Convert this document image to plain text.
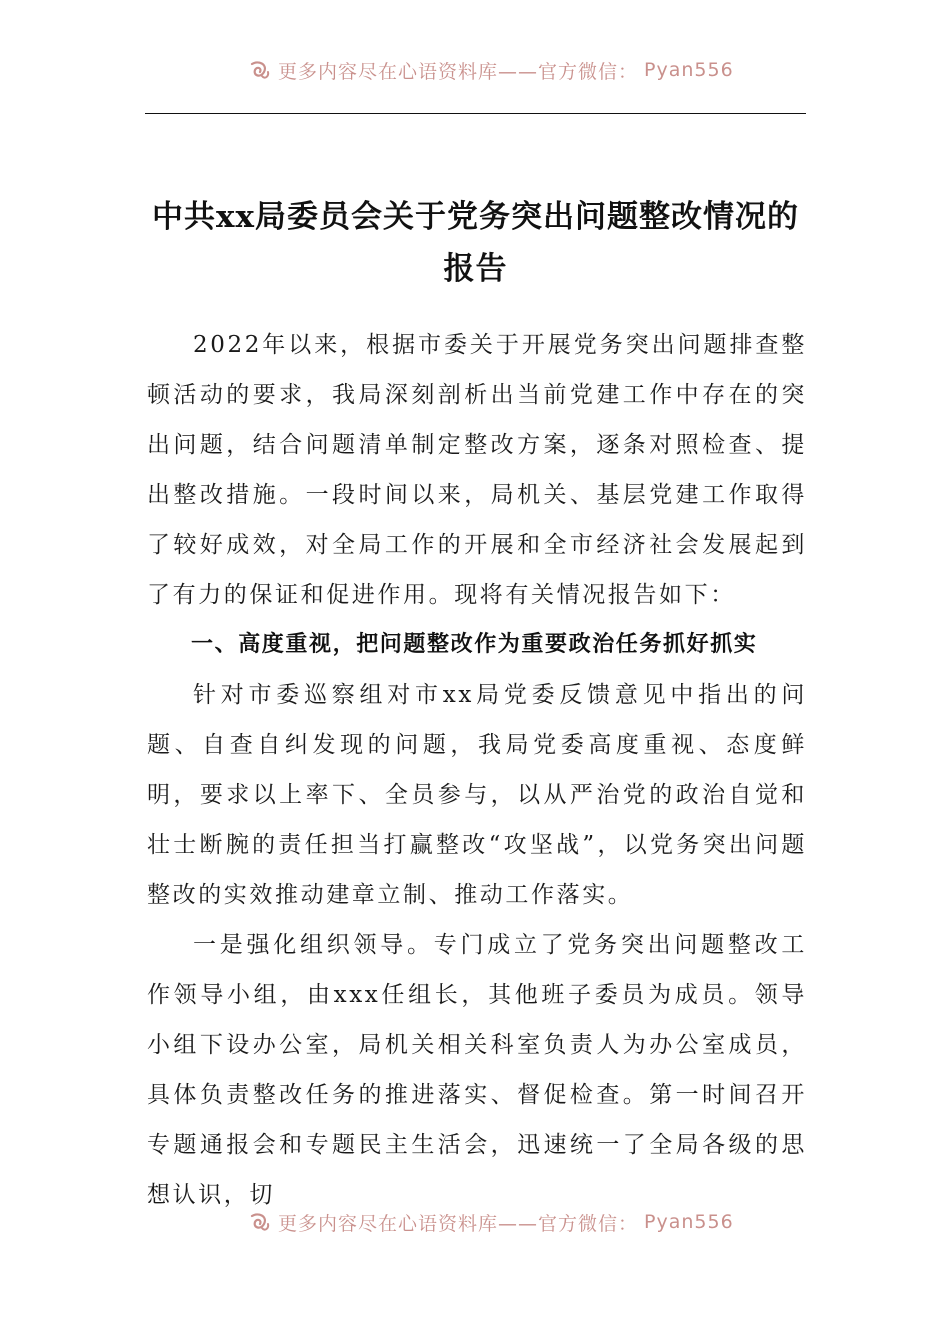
更多内容尽在心语资料库——官方微信： Pyan556
中共xx局委员会关于党务突出问题整改情况的报告

2022年以来，根据市委关于开展党务突出问题排查整顿活动的要求，我局深刻剖析出当前党建工作中存在的突出问题，结合问题清单制定整改方案，逐条对照检查、提出整改措施。一段时间以来，局机关、基层党建工作取得了较好成效，对全局工作的开展和全市经济社会发展起到了有力的保证和促进作用。现将有关情况报告如下：

一、高度重视，把问题整改作为重要政治任务抓好抓实

针对市委巡察组对市xx局党委反馈意见中指出的问题、自查自纠发现的问题，我局党委高度重视、态度鲜明，要求以上率下、全员参与，以从严治党的政治自觉和壮士断腕的责任担当打赢整改“攻坚战”，以党务突出问题整改的实效推动建章立制、推动工作落实。

一是强化组织领导。专门成立了党务突出问题整改工作领导小组，由xxx任组长，其他班子委员为成员。领导小组下设办公室，局机关相关科室负责人为办公室成员，具体负责整改任务的推进落实、督促检查。第一时间召开专题通报会和专题民主生活会，迅速统一了全局各级的思想认识，切

更多内容尽在心语资料库——官方微信： Pyan556
